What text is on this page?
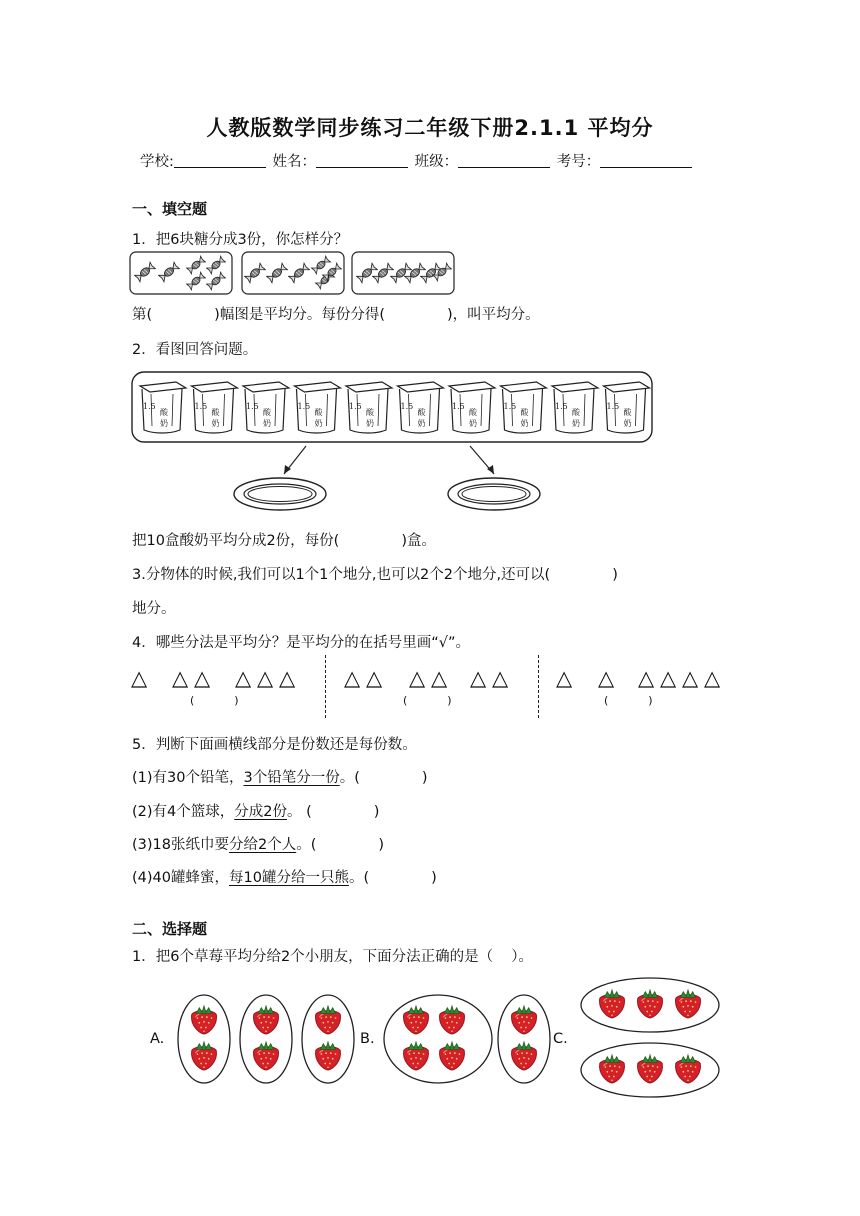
人教版数学同步练习二年级下册2.1.1 平均分
学校:	姓名：	班级：	考号：
一、填空题
1．把6块糖分成3份，你怎样分？
第(	)幅图是平均分。每份分得(	)，叫平均分。
2．看图回答问题。
1.5
酸
奶
1.5
酸
奶
1.5
酸
奶
1.5
酸
奶
1.5
酸
奶
1.5
酸
奶
1.5
酸
奶
1.5
酸
奶
1.5
酸
奶
1.5
酸
奶
把10盒酸奶平均分成2份，每份(	)盒。
3.分物体的时候,我们可以1个1个地分,也可以2个2个地分,还可以(	)
地分。
4．哪些分法是平均分？是平均分的在括号里画“√”。
△ △ △ △ △ △ △ △ △ △ △ △ △ △ △ △ △ △
(	)	(	)	(	)
5．判断下面画横线部分是份数还是每份数。
(1)有30个铅笔，3个铅笔分一份。(	)
(2)有4个篮球，分成2份。 (	)
(3)18张纸巾要分给2个人。(	)
(4)40罐蜂蜜，每10罐分给一只熊。(	)
二、选择题
1．把6个草莓平均分给2个小朋友，下面分法正确的是（ ）。
A.	B.	C.
